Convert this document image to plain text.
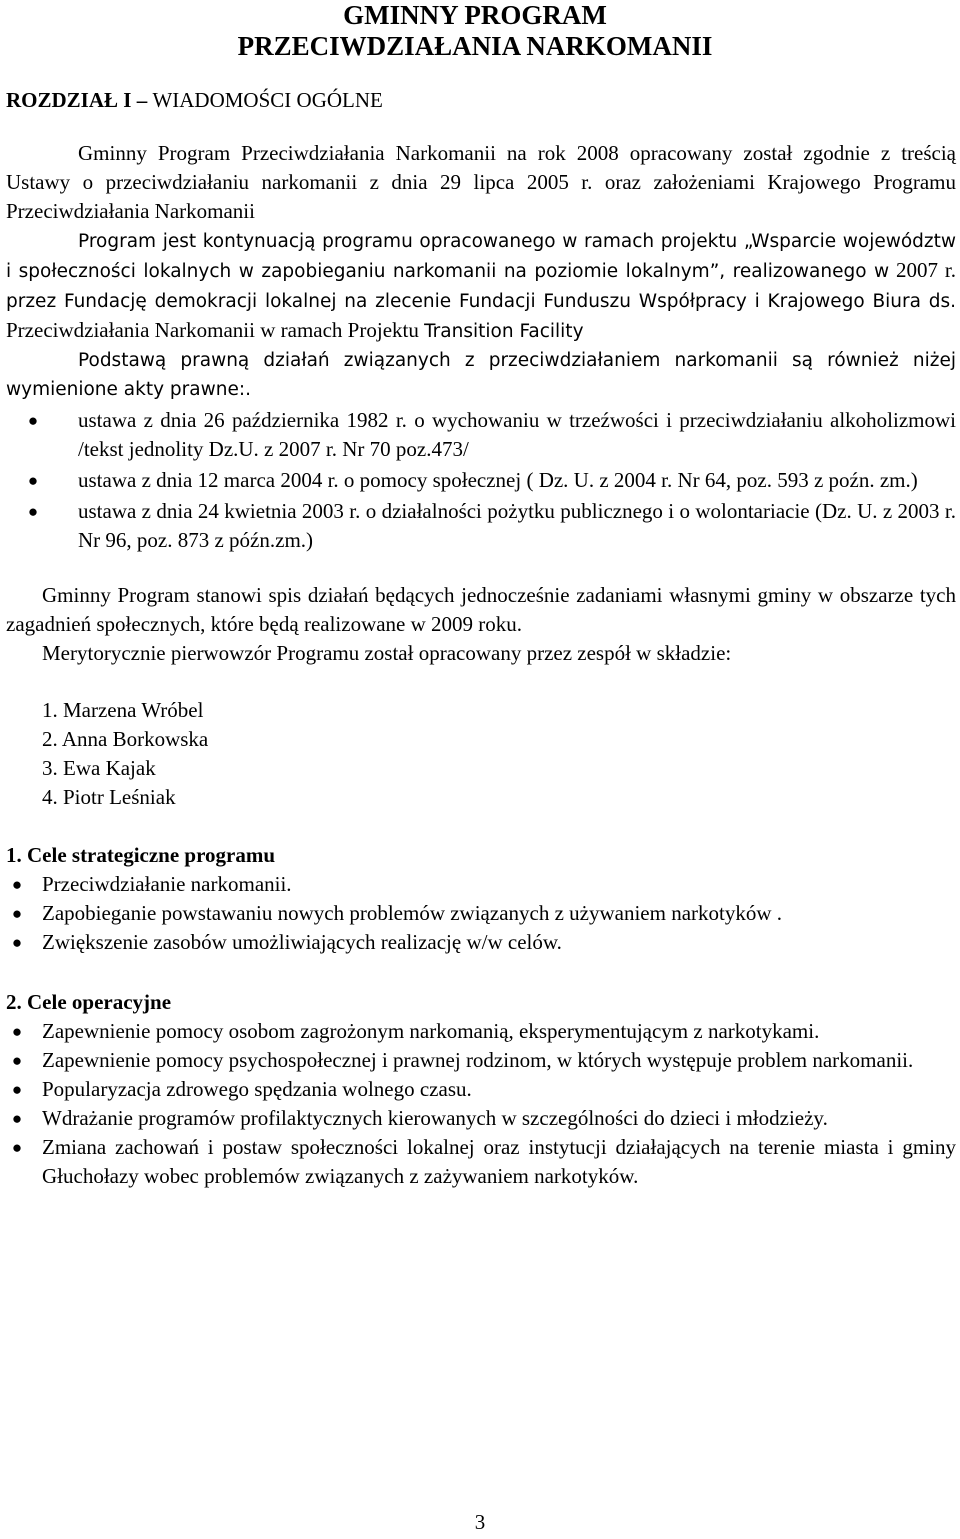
GMINNY PROGRAM
PRZECIWDZIAŁANIA NARKOMANII
ROZDZIAŁ I – WIADOMOŚCI OGÓLNE

Gminny Program Przeciwdziałania Narkomanii na rok 2008 opracowany został zgodnie z treścią Ustawy o przeciwdziałaniu narkomanii z dnia 29 lipca 2005 r. oraz założeniami Krajowego Programu Przeciwdziałania Narkomanii

Program jest kontynuacją programu opracowanego w ramach projektu „Wsparcie województw i społeczności lokalnych w zapobieganiu narkomanii na poziomie lokalnym”, realizowanego w 2007 r. przez Fundację demokracji lokalnej na zlecenie Fundacji Funduszu Współpracy i Krajowego Biura ds. Przeciwdziałania Narkomanii w ramach Projektu Transition Facility

Podstawą prawną działań związanych z przeciwdziałaniem narkomanii są również niżej wymienione akty prawne:.

●	ustawa z dnia 26 października 1982 r. o wychowaniu w trzeźwości i przeciwdziałaniu alkoholizmowi /tekst jednolity Dz.U. z 2007 r. Nr 70 poz.473/
●	ustawa z dnia 12 marca 2004 r. o pomocy społecznej ( Dz. U. z 2004 r. Nr 64, poz. 593 z poźn. zm.)
●	ustawa z dnia 24 kwietnia 2003 r. o działalności pożytku publicznego i o wolontariacie (Dz. U. z 2003 r. Nr 96, poz. 873 z późn.zm.)

Gminny Program stanowi spis działań będących jednocześnie zadaniami własnymi gminy w obszarze tych zagadnień społecznych, które będą realizowane w 2009 roku.

Merytorycznie pierwowzór Programu został opracowany przez zespół w składzie:

1. Marzena Wróbel
2. Anna Borkowska
3. Ewa Kajak
4. Piotr Leśniak
1. Cele strategiczne programu
● Przeciwdziałanie narkomanii.
● Zapobieganie powstawaniu nowych problemów związanych z używaniem narkotyków .
● Zwiększenie zasobów umożliwiających realizację w/w celów.
2. Cele operacyjne
● Zapewnienie pomocy osobom zagrożonym narkomanią, eksperymentującym z narkotykami.
● Zapewnienie pomocy psychospołecznej i prawnej rodzinom, w których występuje problem narkomanii.
● Popularyzacja zdrowego spędzania wolnego czasu.
● Wdrażanie programów profilaktycznych kierowanych w szczególności do dzieci i młodzieży.
● Zmiana zachowań i postaw społeczności lokalnej oraz instytucji działających na terenie miasta i gminy Głuchołazy wobec problemów związanych z zażywaniem narkotyków.
3
